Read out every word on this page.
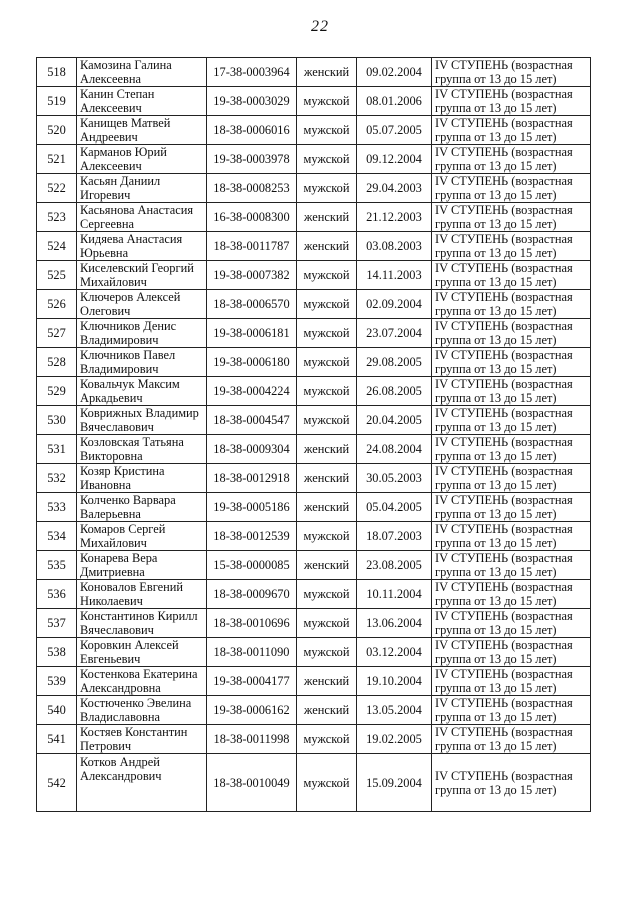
22
518	Камозина Галина Алексеевна	17-38-0003964	женский	09.02.2004	IV СТУПЕНЬ (возрастная группа от 13 до 15 лет)
519	Канин Степан Алексеевич	19-38-0003029	мужской	08.01.2006	IV СТУПЕНЬ (возрастная группа от 13 до 15 лет)
520	Канищев Матвей Андреевич	18-38-0006016	мужской	05.07.2005	IV СТУПЕНЬ (возрастная группа от 13 до 15 лет)
521	Карманов Юрий Алексеевич	19-38-0003978	мужской	09.12.2004	IV СТУПЕНЬ (возрастная группа от 13 до 15 лет)
522	Касьян Даниил Игоревич	18-38-0008253	мужской	29.04.2003	IV СТУПЕНЬ (возрастная группа от 13 до 15 лет)
523	Касьянова Анастасия Сергеевна	16-38-0008300	женский	21.12.2003	IV СТУПЕНЬ (возрастная группа от 13 до 15 лет)
524	Кидяева Анастасия Юрьевна	18-38-0011787	женский	03.08.2003	IV СТУПЕНЬ (возрастная группа от 13 до 15 лет)
525	Киселевский Георгий Михайлович	19-38-0007382	мужской	14.11.2003	IV СТУПЕНЬ (возрастная группа от 13 до 15 лет)
526	Ключеров Алексей Олегович	18-38-0006570	мужской	02.09.2004	IV СТУПЕНЬ (возрастная группа от 13 до 15 лет)
527	Ключников Денис Владимирович	19-38-0006181	мужской	23.07.2004	IV СТУПЕНЬ (возрастная группа от 13 до 15 лет)
528	Ключников Павел Владимирович	19-38-0006180	мужской	29.08.2005	IV СТУПЕНЬ (возрастная группа от 13 до 15 лет)
529	Ковальчук Максим Аркадьевич	19-38-0004224	мужской	26.08.2005	IV СТУПЕНЬ (возрастная группа от 13 до 15 лет)
530	Коврижных Владимир Вячеславович	18-38-0004547	мужской	20.04.2005	IV СТУПЕНЬ (возрастная группа от 13 до 15 лет)
531	Козловская Татьяна Викторовна	18-38-0009304	женский	24.08.2004	IV СТУПЕНЬ (возрастная группа от 13 до 15 лет)
532	Козяр Кристина Ивановна	18-38-0012918	женский	30.05.2003	IV СТУПЕНЬ (возрастная группа от 13 до 15 лет)
533	Колченко Варвара Валерьевна	19-38-0005186	женский	05.04.2005	IV СТУПЕНЬ (возрастная группа от 13 до 15 лет)
534	Комаров Сергей Михайлович	18-38-0012539	мужской	18.07.2003	IV СТУПЕНЬ (возрастная группа от 13 до 15 лет)
535	Конарева Вера Дмитриевна	15-38-0000085	женский	23.08.2005	IV СТУПЕНЬ (возрастная группа от 13 до 15 лет)
536	Коновалов Евгений Николаевич	18-38-0009670	мужской	10.11.2004	IV СТУПЕНЬ (возрастная группа от 13 до 15 лет)
537	Константинов Кирилл Вячеславович	18-38-0010696	мужской	13.06.2004	IV СТУПЕНЬ (возрастная группа от 13 до 15 лет)
538	Коровкин Алексей Евгеньевич	18-38-0011090	мужской	03.12.2004	IV СТУПЕНЬ (возрастная группа от 13 до 15 лет)
539	Костенкова Екатерина Александровна	19-38-0004177	женский	19.10.2004	IV СТУПЕНЬ (возрастная группа от 13 до 15 лет)
540	Костюченко Эвелина Владиславовна	19-38-0006162	женский	13.05.2004	IV СТУПЕНЬ (возрастная группа от 13 до 15 лет)
541	Костяев Константин Петрович	18-38-0011998	мужской	19.02.2005	IV СТУПЕНЬ (возрастная группа от 13 до 15 лет)
542	Котков Андрей Александрович	18-38-0010049	мужской	15.09.2004	IV СТУПЕНЬ (возрастная группа от 13 до 15 лет)
